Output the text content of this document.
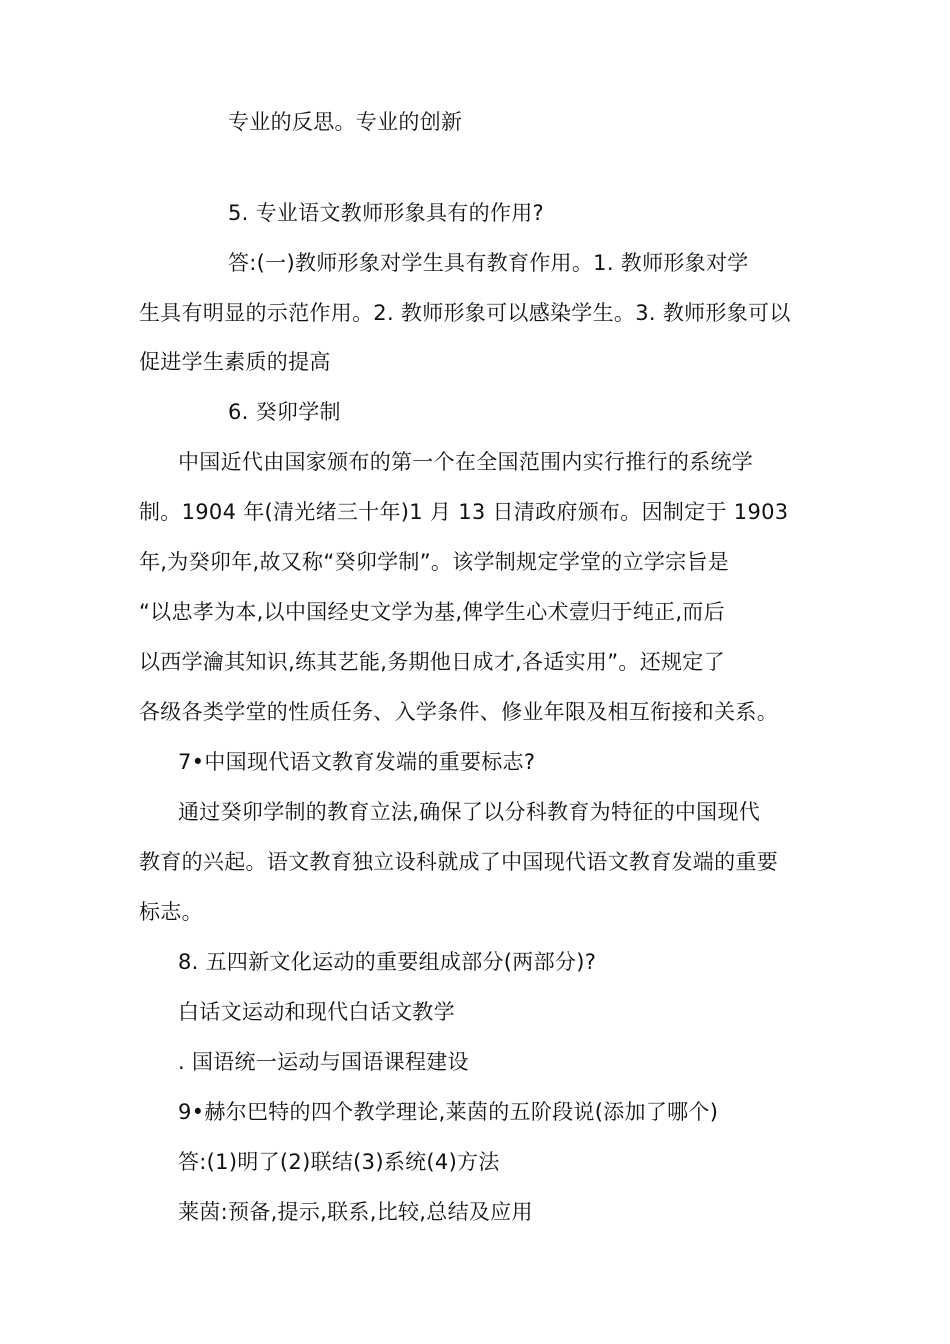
专业的反思。专业的创新
5. 专业语文教师形象具有的作用?
答:(一)教师形象对学生具有教育作用。1. 教师形象对学
生具有明显的示范作用。2. 教师形象可以感染学生。3. 教师形象可以
促进学生素质的提高
6. 癸卯学制
中国近代由国家颁布的第一个在全国范围内实行推行的系统学
制。1904 年(清光绪三十年)1 月 13 日清政府颁布。因制定于 1903
年,为癸卯年,故又称“癸卯学制”。该学制规定学堂的立学宗旨是
“以忠孝为本,以中国经史文学为基,俾学生心术壹归于纯正,而后
以西学瀹其知识,练其艺能,务期他日成才,各适实用”。还规定了
各级各类学堂的性质任务、入学条件、修业年限及相互衔接和关系。
7•中国现代语文教育发端的重要标志?
通过癸卯学制的教育立法,确保了以分科教育为特征的中国现代
教育的兴起。语文教育独立设科就成了中国现代语文教育发端的重要
标志。
8. 五四新文化运动的重要组成部分(两部分)?
白话文运动和现代白话文教学
. 国语统一运动与国语课程建设
9•赫尔巴特的四个教学理论,莱茵的五阶段说(添加了哪个)
答:(1)明了(2)联结(3)系统(4)方法
莱茵:预备,提示,联系,比较,总结及应用
